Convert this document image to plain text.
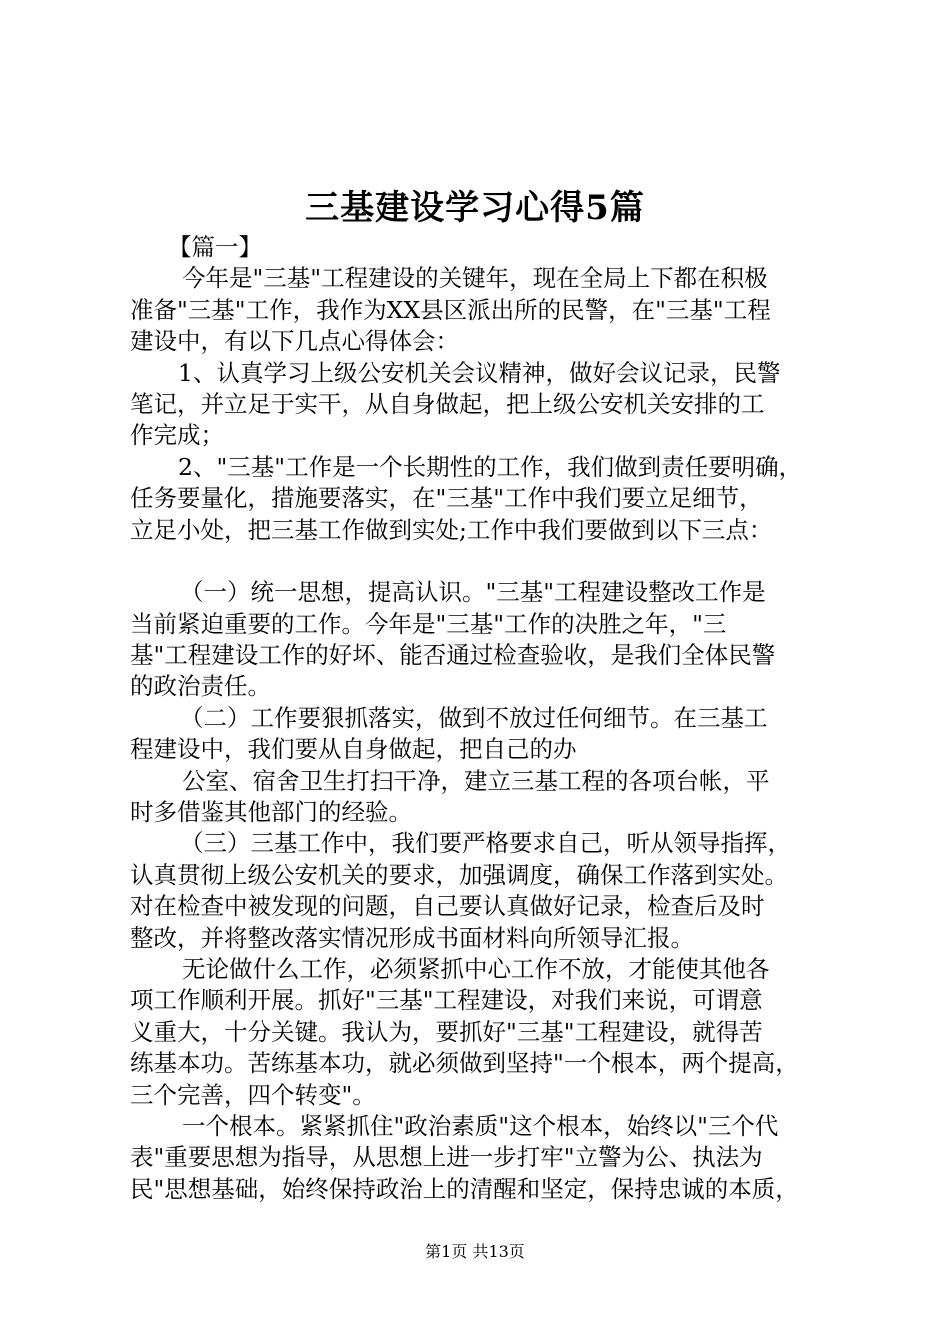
三基建设学习心得5篇
【篇一】
今年是"三基"工程建设的关键年，现在全局上下都在积极
准备"三基"工作，我作为XX县区派出所的民警，在"三基"工程
建设中，有以下几点心得体会：
1、认真学习上级公安机关会议精神，做好会议记录，民警
笔记，并立足于实干，从自身做起，把上级公安机关安排的工
作完成；
2、"三基"工作是一个长期性的工作，我们做到责任要明确，
任务要量化，措施要落实，在"三基"工作中我们要立足细节，
立足小处，把三基工作做到实处;工作中我们要做到以下三点：
（一）统一思想，提高认识。"三基"工程建设整改工作是
当前紧迫重要的工作。今年是"三基"工作的决胜之年，"三
基"工程建设工作的好坏、能否通过检查验收，是我们全体民警
的政治责任。
（二）工作要狠抓落实，做到不放过任何细节。在三基工
程建设中，我们要从自身做起，把自己的办
公室、宿舍卫生打扫干净，建立三基工程的各项台帐，平
时多借鉴其他部门的经验。
（三）三基工作中，我们要严格要求自己，听从领导指挥，
认真贯彻上级公安机关的要求，加强调度，确保工作落到实处。
对在检查中被发现的问题，自己要认真做好记录，检查后及时
整改，并将整改落实情况形成书面材料向所领导汇报。
无论做什么工作，必须紧抓中心工作不放，才能使其他各
项工作顺利开展。抓好"三基"工程建设，对我们来说，可谓意
义重大，十分关键。我认为，要抓好"三基"工程建设，就得苦
练基本功。苦练基本功，就必须做到坚持"一个根本，两个提高，
三个完善，四个转变"。
一个根本。紧紧抓住"政治素质"这个根本，始终以"三个代
表"重要思想为指导，从思想上进一步打牢"立警为公、执法为
民"思想基础，始终保持政治上的清醒和坚定，保持忠诚的本质，
第1页 共13页
